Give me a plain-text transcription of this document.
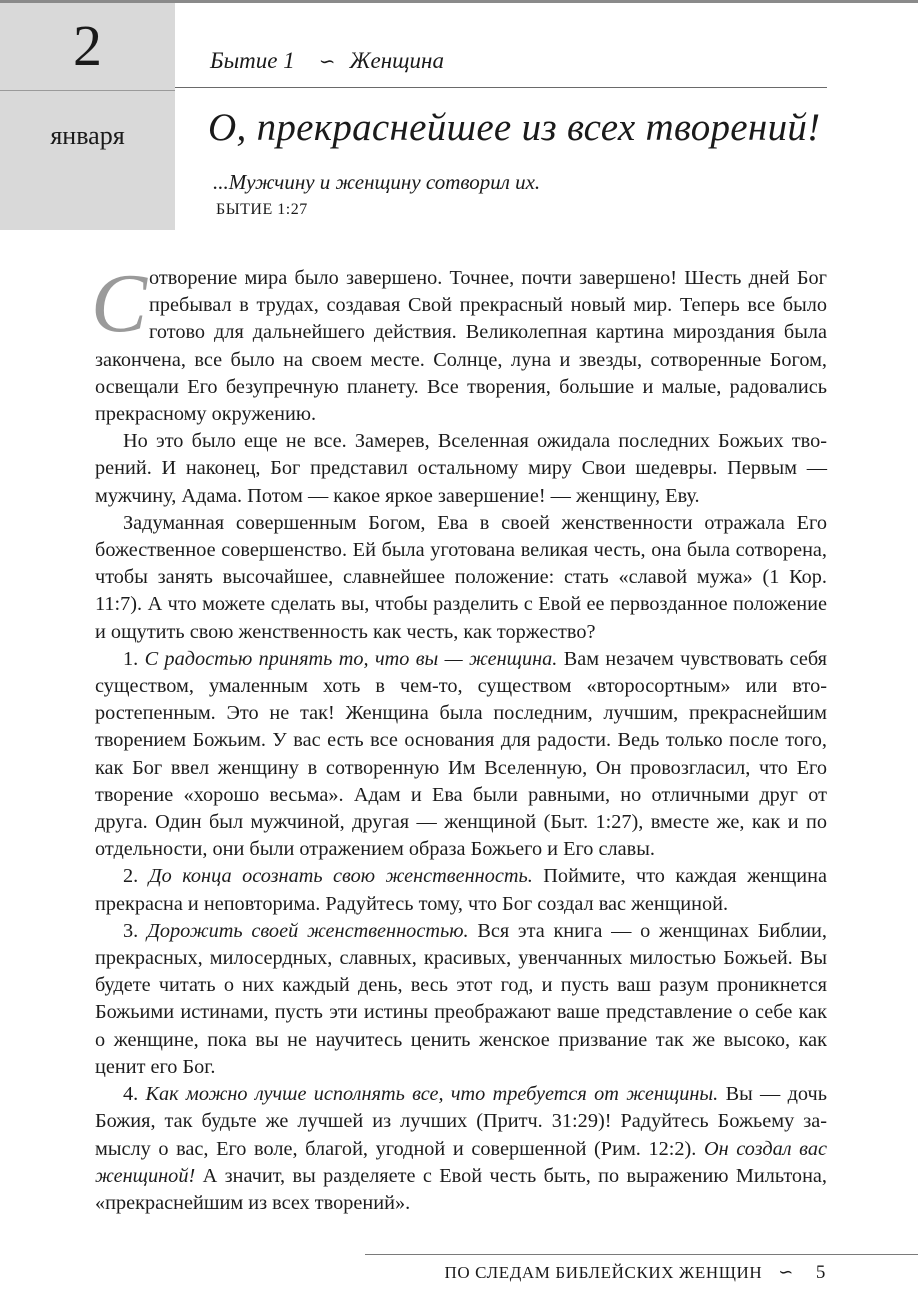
2
января
Бытие 1 ∽ Женщина
О, прекраснейшее из всех творений!
...Мужчину и женщину сотворил их.
БЫТИЕ 1:27

Сотворение мира было завершено. Точнее, почти завершено! Шесть дней Бог пребывал в трудах, создавая Свой прекрасный новый мир. Теперь все было готово для дальнейшего действия. Великолепная картина мироздания была закончена, все было на своем месте. Солнце, луна и звезды, сотворенные Богом, освещали Его безупречную планету. Все творения, большие и малые, радовались прекрасному окружению.

Но это было еще не все. Замерев, Вселенная ожидала последних Божьих творений. И наконец, Бог представил остальному миру Свои шедевры. Первым — мужчину, Адама. Потом — какое яркое завершение! — женщину, Еву.

Задуманная совершенным Богом, Ева в своей женственности отражала Его божественное совершенство. Ей была уготована великая честь, она была сотворена, чтобы занять высочайшее, славнейшее положение: стать «славой мужа» (1 Кор. 11:7). А что можете сделать вы, чтобы разделить с Евой ее первозданное положение и ощутить свою женственность как честь, как торжество?

1. С радостью принять то, что вы — женщина. Вам незачем чувствовать себя существом, умаленным хоть в чем-то, существом «второсортным» или второстепенным. Это не так! Женщина была последним, лучшим, прекраснейшим творением Божьим. У вас есть все основания для радости. Ведь только после того, как Бог ввел женщину в сотворенную Им Вселенную, Он провозгласил, что Его творение «хорошо весьма». Адам и Ева были равными, но отличными друг от друга. Один был мужчиной, другая — женщиной (Быт. 1:27), вместе же, как и по отдельности, они были отражением образа Божьего и Его славы.

2. До конца осознать свою женственность. Поймите, что каждая женщина прекрасна и неповторима. Радуйтесь тому, что Бог создал вас женщиной.

3. Дорожить своей женственностью. Вся эта книга — о женщинах Библии, прекрасных, милосердных, славных, красивых, увенчанных милостью Божьей. Вы будете читать о них каждый день, весь этот год, и пусть ваш разум проникнется Божьими истинами, пусть эти истины преображают ваше представление о себе как о женщине, пока вы не научитесь ценить женское призвание так же высоко, как ценит его Бог.

4. Как можно лучше исполнять все, что требуется от женщины. Вы — дочь Божия, так будьте же лучшей из лучших (Притч. 31:29)! Радуйтесь Божьему замыслу о вас, Его воле, благой, угодной и совершенной (Рим. 12:2). Он создал вас женщиной! А значит, вы разделяете с Евой честь быть, по выражению Мильтона, «прекраснейшим из всех творений».

ПО СЛЕДАМ БИБЛЕЙСКИХ ЖЕНЩИН ∽ 5
